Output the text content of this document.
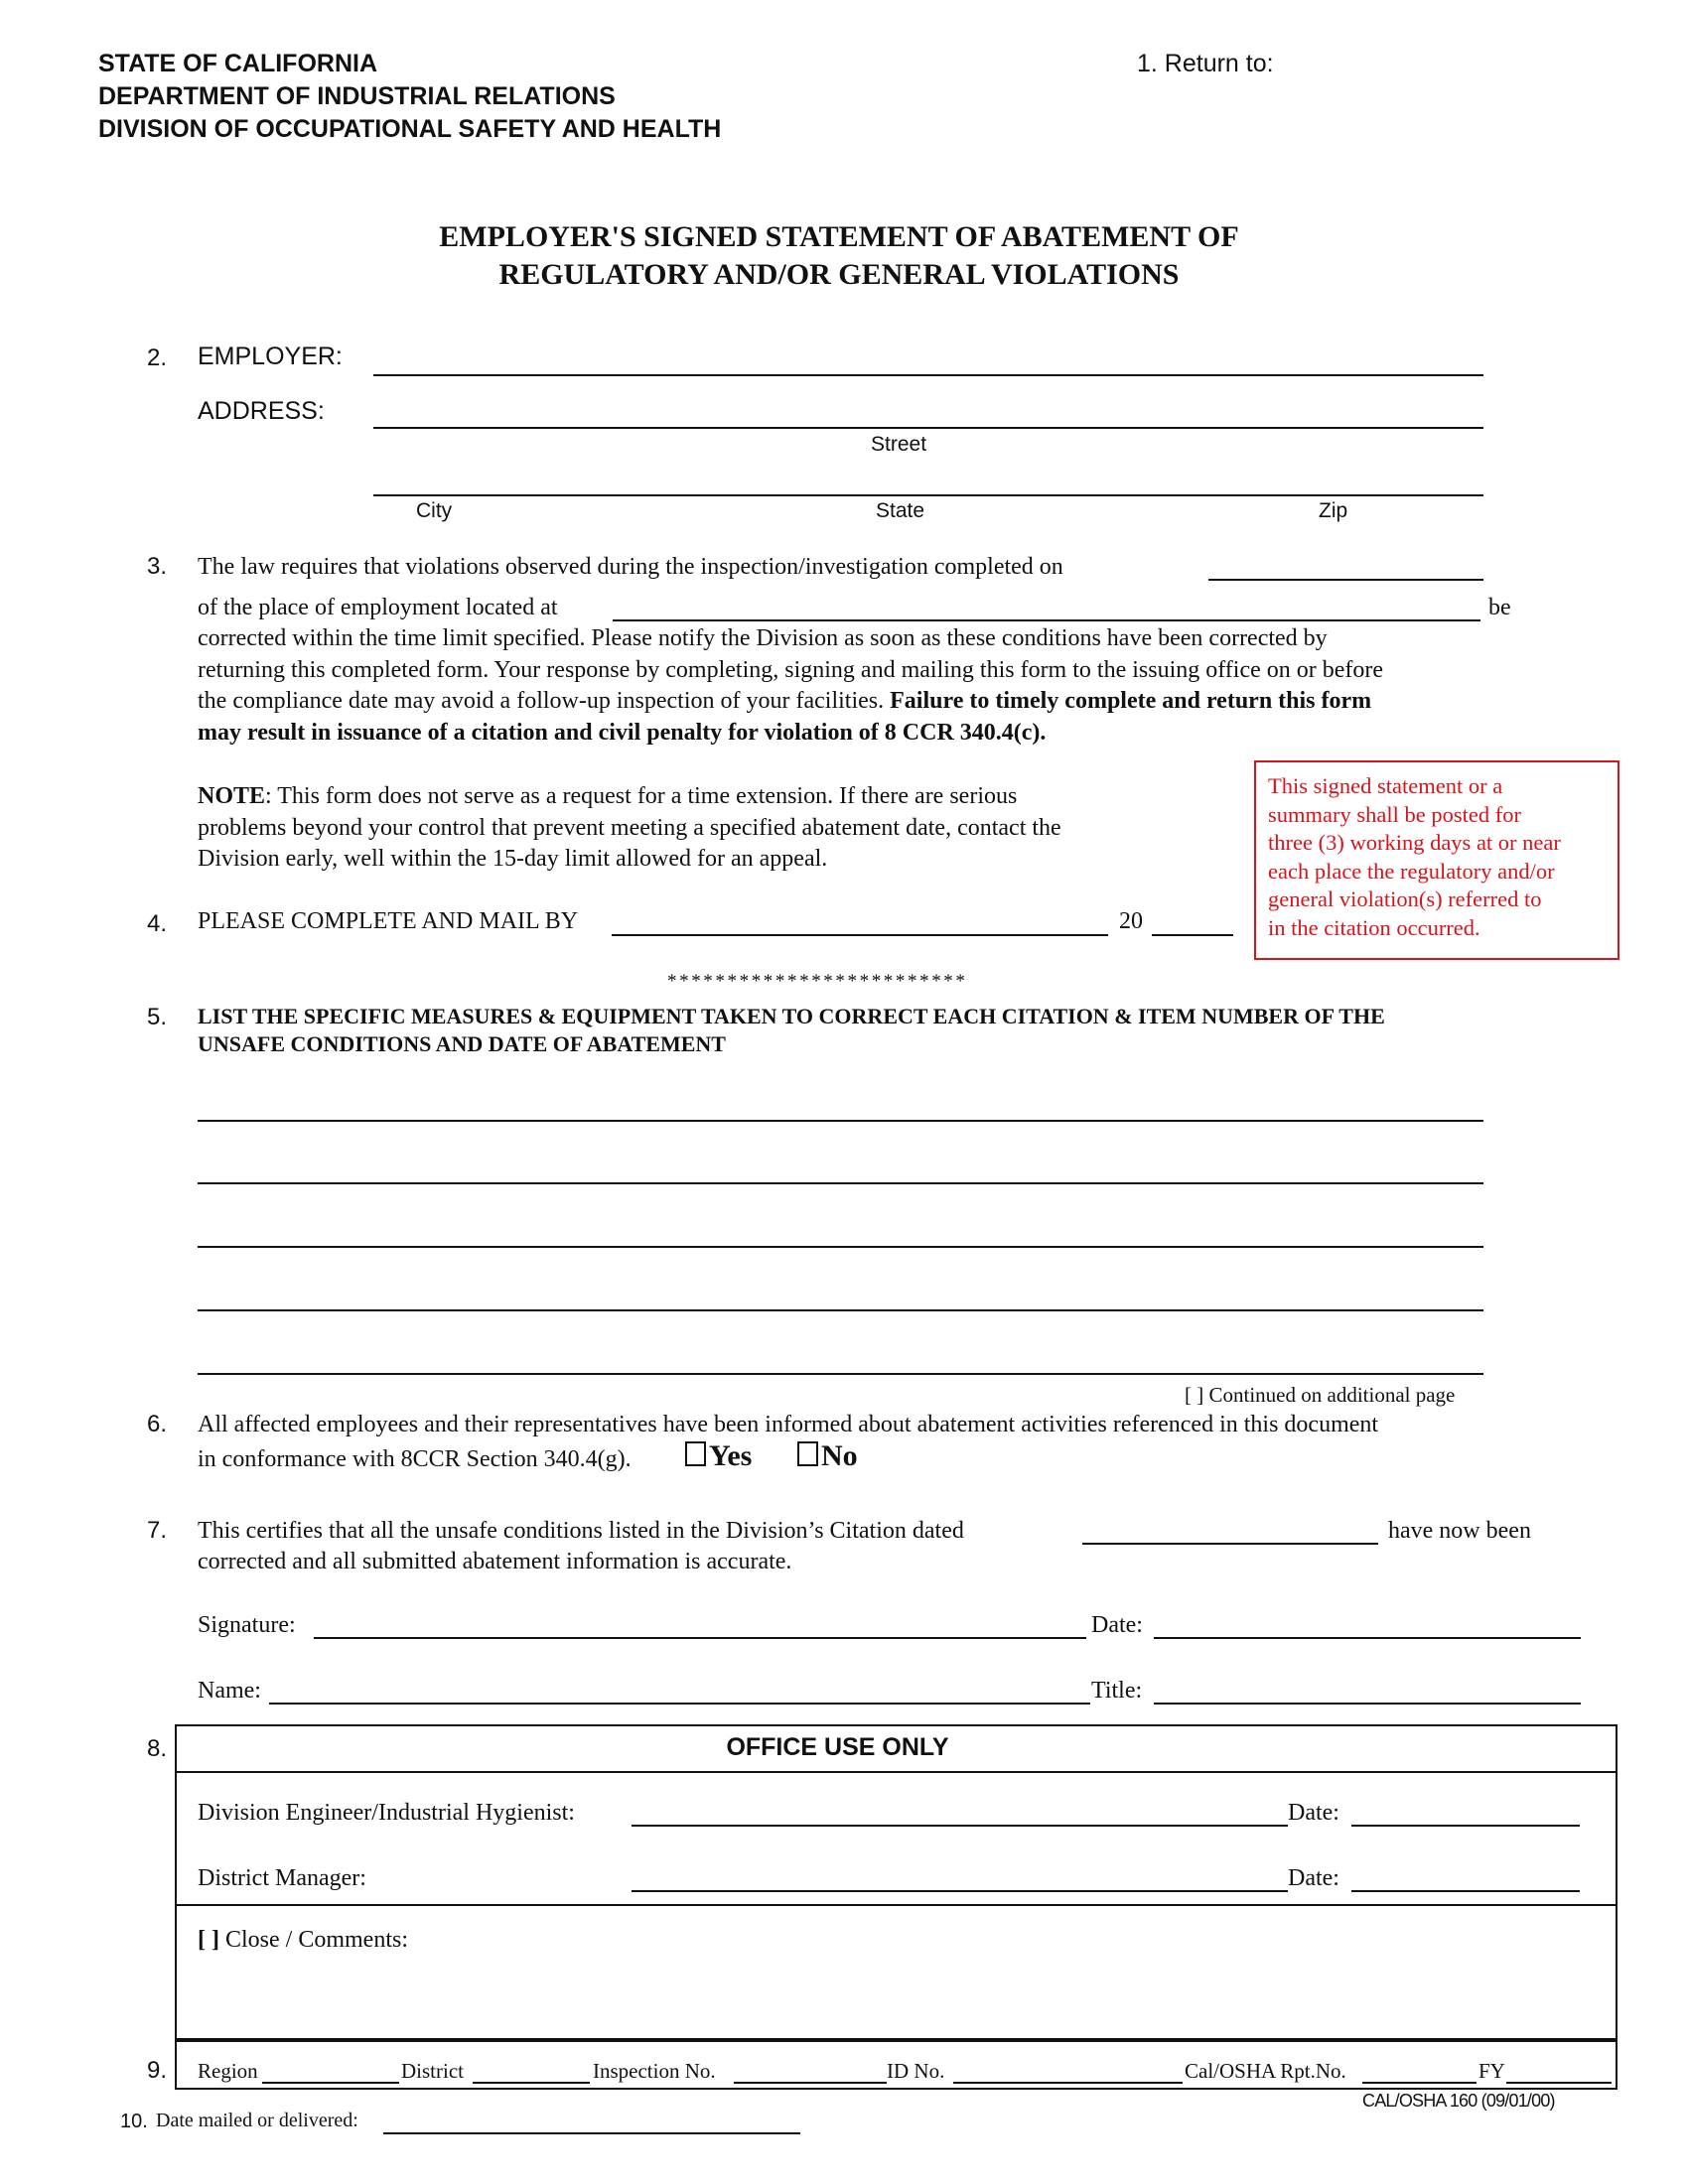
STATE OF CALIFORNIA
DEPARTMENT OF INDUSTRIAL RELATIONS
DIVISION OF OCCUPATIONAL SAFETY AND HEALTH
1. Return to:
EMPLOYER'S SIGNED STATEMENT OF ABATEMENT OF
REGULATORY AND/OR GENERAL VIOLATIONS
2. EMPLOYER:
ADDRESS:
Street
City	State	Zip
3. The law requires that violations observed during the inspection/investigation completed on
of the place of employment located at	be
corrected within the time limit specified. Please notify the Division as soon as these conditions have been corrected by
returning this completed form. Your response by completing, signing and mailing this form to the issuing office on or before
the compliance date may avoid a follow-up inspection of your facilities. Failure to timely complete and return this form
may result in issuance of a citation and civil penalty for violation of 8 CCR 340.4(c).
NOTE: This form does not serve as a request for a time extension. If there are serious
problems beyond your control that prevent meeting a specified abatement date, contact the
Division early, well within the 15-day limit allowed for an appeal.
This signed statement or a
summary shall be posted for
three (3) working days at or near
each place the regulatory and/or
general violation(s) referred to
in the citation occurred.
4. PLEASE COMPLETE AND MAIL BY	20
*************************
5. LIST THE SPECIFIC MEASURES & EQUIPMENT TAKEN TO CORRECT EACH CITATION & ITEM NUMBER OF THE
UNSAFE CONDITIONS AND DATE OF ABATEMENT
[ ] Continued on additional page
6. All affected employees and their representatives have been informed about abatement activities referenced in this document
in conformance with 8CCR Section 340.4(g).	Yes	No
7. This certifies that all the unsafe conditions listed in the Division’s Citation dated	have now been
corrected and all submitted abatement information is accurate.
Signature:	Date:
Name:	Title:
8.	OFFICE USE ONLY
Division Engineer/Industrial Hygienist:	Date:
District Manager:	Date:
[ ] Close / Comments:
9. Region	District	Inspection No.	ID No.	Cal/OSHA Rpt.No.	FY
CAL/OSHA 160 (09/01/00)
10. Date mailed or delivered:
